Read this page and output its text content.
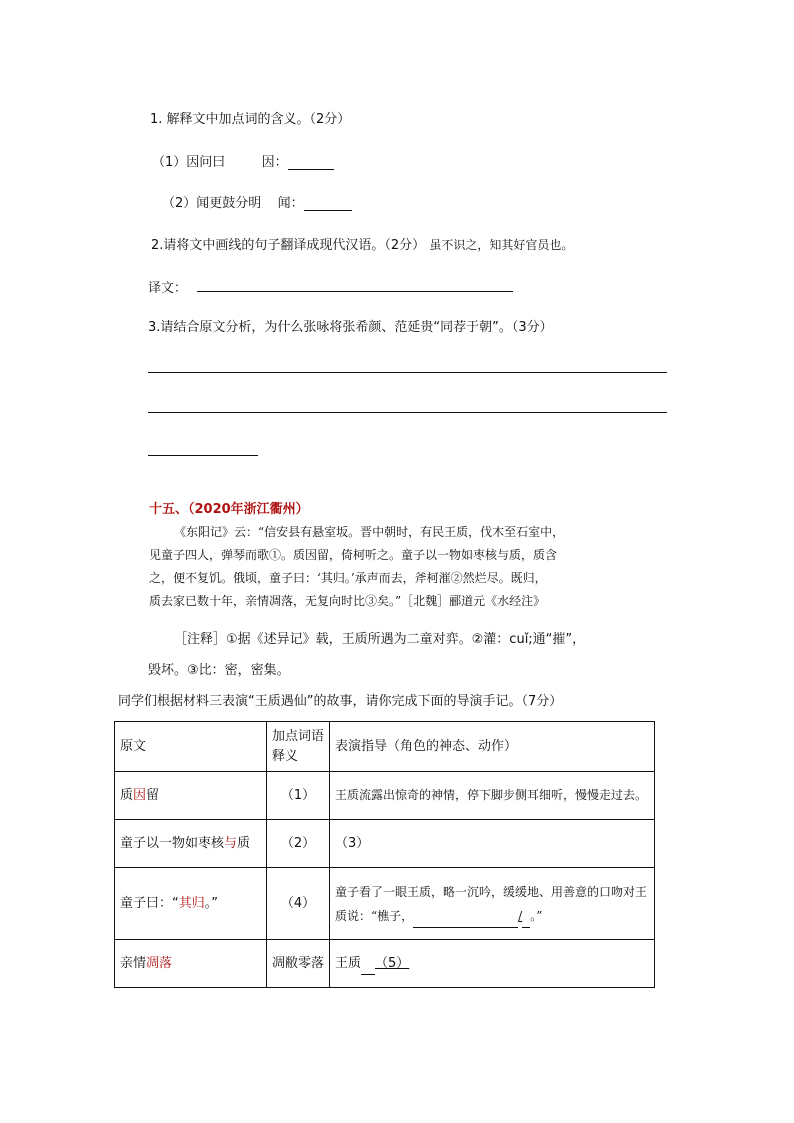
1. 解释文中加点词的含义。（2分）
（1）因问曰	因：
（2）闻更鼓分明 闻：
2.请将文中画线的句子翻译成现代汉语。（2分） 虽不识之，知其好官员也。
译文：
3.请结合原文分析，为什么张咏将张希颜、范延贵“同荐于朝”。（3分）
十五、（2020年浙江衢州）
《东阳记》云：“信安县有悬室坂。晋中朝时，有民王质，伐木至石室中，
见童子四人，弹琴而歌①。质因留，倚柯听之。童子以一物如枣核与质，质含
之，便不复饥。俄顷，童子曰：‘其归。’承声而去，斧柯漼②然烂尽。既归，
质去家已数十年，亲情凋落，无复向时比③矣。”［北魏］郦道元《水经注》
［注释］①据《述异记》载，王质所遇为二童对弈。②灌：cuǐ;通“摧”，
毁坏。③比：密，密集。
同学们根据材料三表演“王质遇仙”的故事，请你完成下面的导演手记。（7分）
原文	加点词语释义	表演指导（角色的神态、动作）
质因留	（1）	王质流露出惊奇的神情，停下脚步侧耳细听，慢慢走过去。
童子以一物如枣核与质	（2）	（3）
童子曰：“其归。”	（4）	童子看了一眼王质，略一沉吟，缓缓地、用善意的口吻对王质说：“樵子， / 。”
亲情凋落	凋敝零落	王质 （5）
